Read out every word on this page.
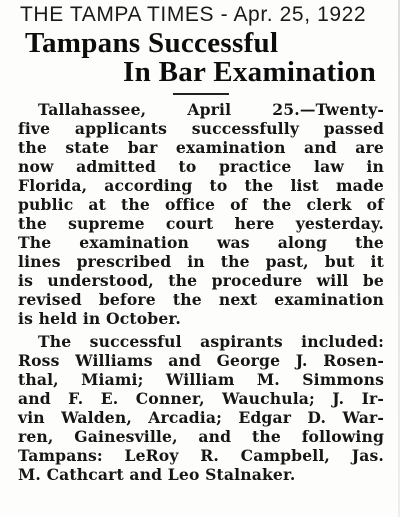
THE TAMPA TIMES - Apr. 25, 1922

Tampans Successful

In Bar Examination

Tallahassee, April 25.—Twenty-

five applicants successfully passed

the state bar examination and are

now admitted to practice law in

Florida, according to the list made

public at the office of the clerk of

the supreme court here yesterday.

The examination was along the

lines prescribed in the past, but it

is understood, the procedure will be

revised before the next examination

is held in October.

The successful aspirants included:

Ross Williams and George J. Rosen-

thal, Miami; William M. Simmons

and F. E. Conner, Wauchula; J. Ir-

vin Walden, Arcadia; Edgar D. War-

ren, Gainesville, and the following

Tampans: LeRoy R. Campbell, Jas.

M. Cathcart and Leo Stalnaker.
